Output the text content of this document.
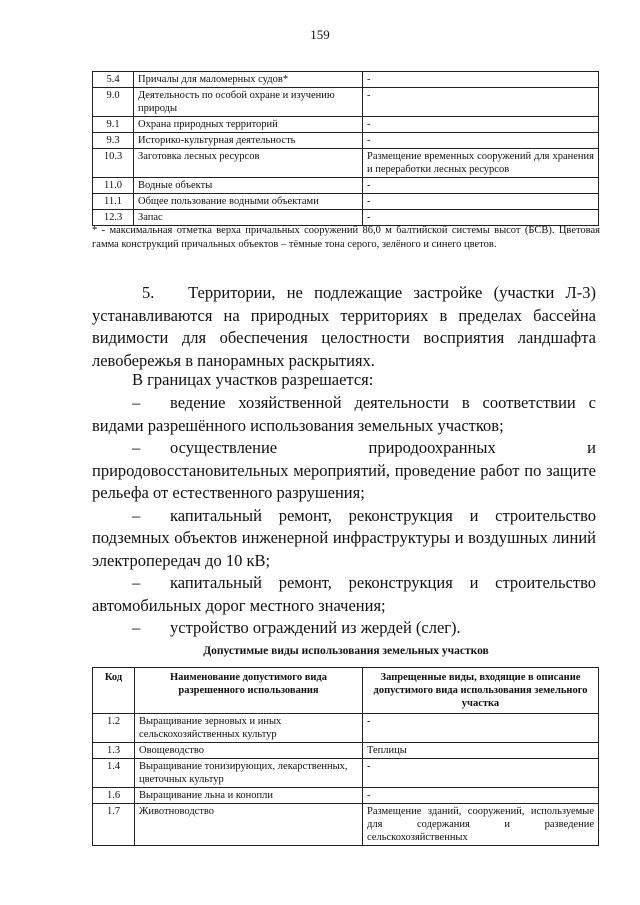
159
5.4	Причалы для маломерных судов*	-
9.0	Деятельность по особой охране и изучению природы	-
9.1	Охрана природных территорий	-
9.3	Историко-культурная деятельность	-
10.3	Заготовка лесных ресурсов	Размещение временных сооружений для хранения и переработки лесных ресурсов
11.0	Водные объекты	-
11.1	Общее пользование водными объектами	-
12.3	Запас	-
* - максимальная отметка верха причальных сооружений 86,0 м балтийской системы высот (БСВ). Цветовая гамма конструкций причальных объектов – тёмные тона серого, зелёного и синего цветов.
5.   Территории, не подлежащие застройке (участки Л-3) устанавливаются на природных территориях в пределах бассейна видимости для обеспечения целостности восприятия ландшафта левобережья в панорамных раскрытиях.
В границах участков разрешается:

– ведение хозяйственной деятельности в соответствии с видами разрешённого использования земельных участков;

– осуществление природоохранных и природовосстановительных мероприятий, проведение работ по защите рельефа от естественного разрушения;

– капитальный ремонт, реконструкция и строительство подземных объектов инженерной инфраструктуры и воздушных линий электропередач до 10 кВ;

– капитальный ремонт, реконструкция и строительство автомобильных дорог местного значения;

– устройство ограждений из жердей (слег).

Допустимые виды использования земельных участков
Код	Наименование допустимого вида разрешенного использования	Запрещенные виды, входящие в описание допустимого вида использования земельного участка
1.2	Выращивание зерновых и иных сельскохозяйственных культур	-
1.3	Овощеводство	Теплицы
1.4	Выращивание тонизирующих, лекарственных, цветочных культур	-
1.6	Выращивание льна и конопли	-
1.7	Животноводство	Размещение зданий, сооружений, используемые для содержания и разведение сельскохозяйственных
